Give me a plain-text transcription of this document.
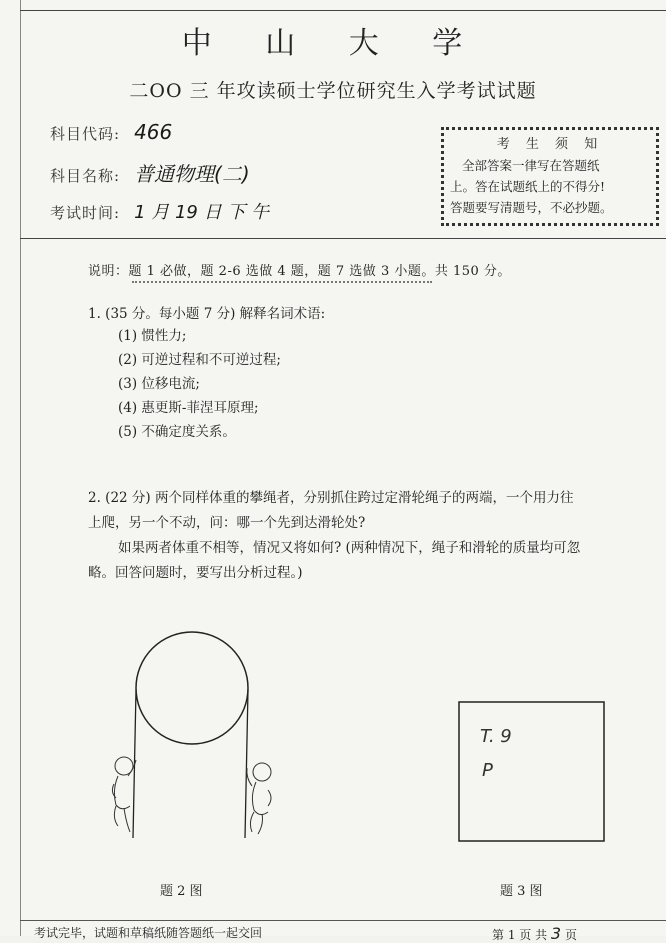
中 山 大 学
二OO 三 年攻读硕士学位研究生入学考试试题
科目代码: 466
科目名称: 普通物理(二)
考试时间: 1 月 19 日 下 午
考 生 须 知
全部答案一律写在答题纸
上。答在试题纸上的不得分!
答题要写清题号，不必抄题。
说明：题 1 必做，题 2-6 选做 4 题，题 7 选做 3 小题。共 150 分。
1. (35 分。每小题 7 分) 解释名词术语:
(1) 惯性力;
(2) 可逆过程和不可逆过程;
(3) 位移电流;
(4) 惠更斯-菲涅耳原理;
(5) 不确定度关系。

2. (22 分) 两个同样体重的攀绳者，分别抓住跨过定滑轮绳子的两端，一个用力往

上爬，另一个不动，问：哪一个先到达滑轮处?

如果两者体重不相等，情况又将如何? (两种情况下，绳子和滑轮的质量均可忽

略。回答问题时，要写出分析过程。)

T. 9
P
题 2 图	题 3 图
考试完毕，试题和草稿纸随答题纸一起交回	第 1 页 共 3 页
